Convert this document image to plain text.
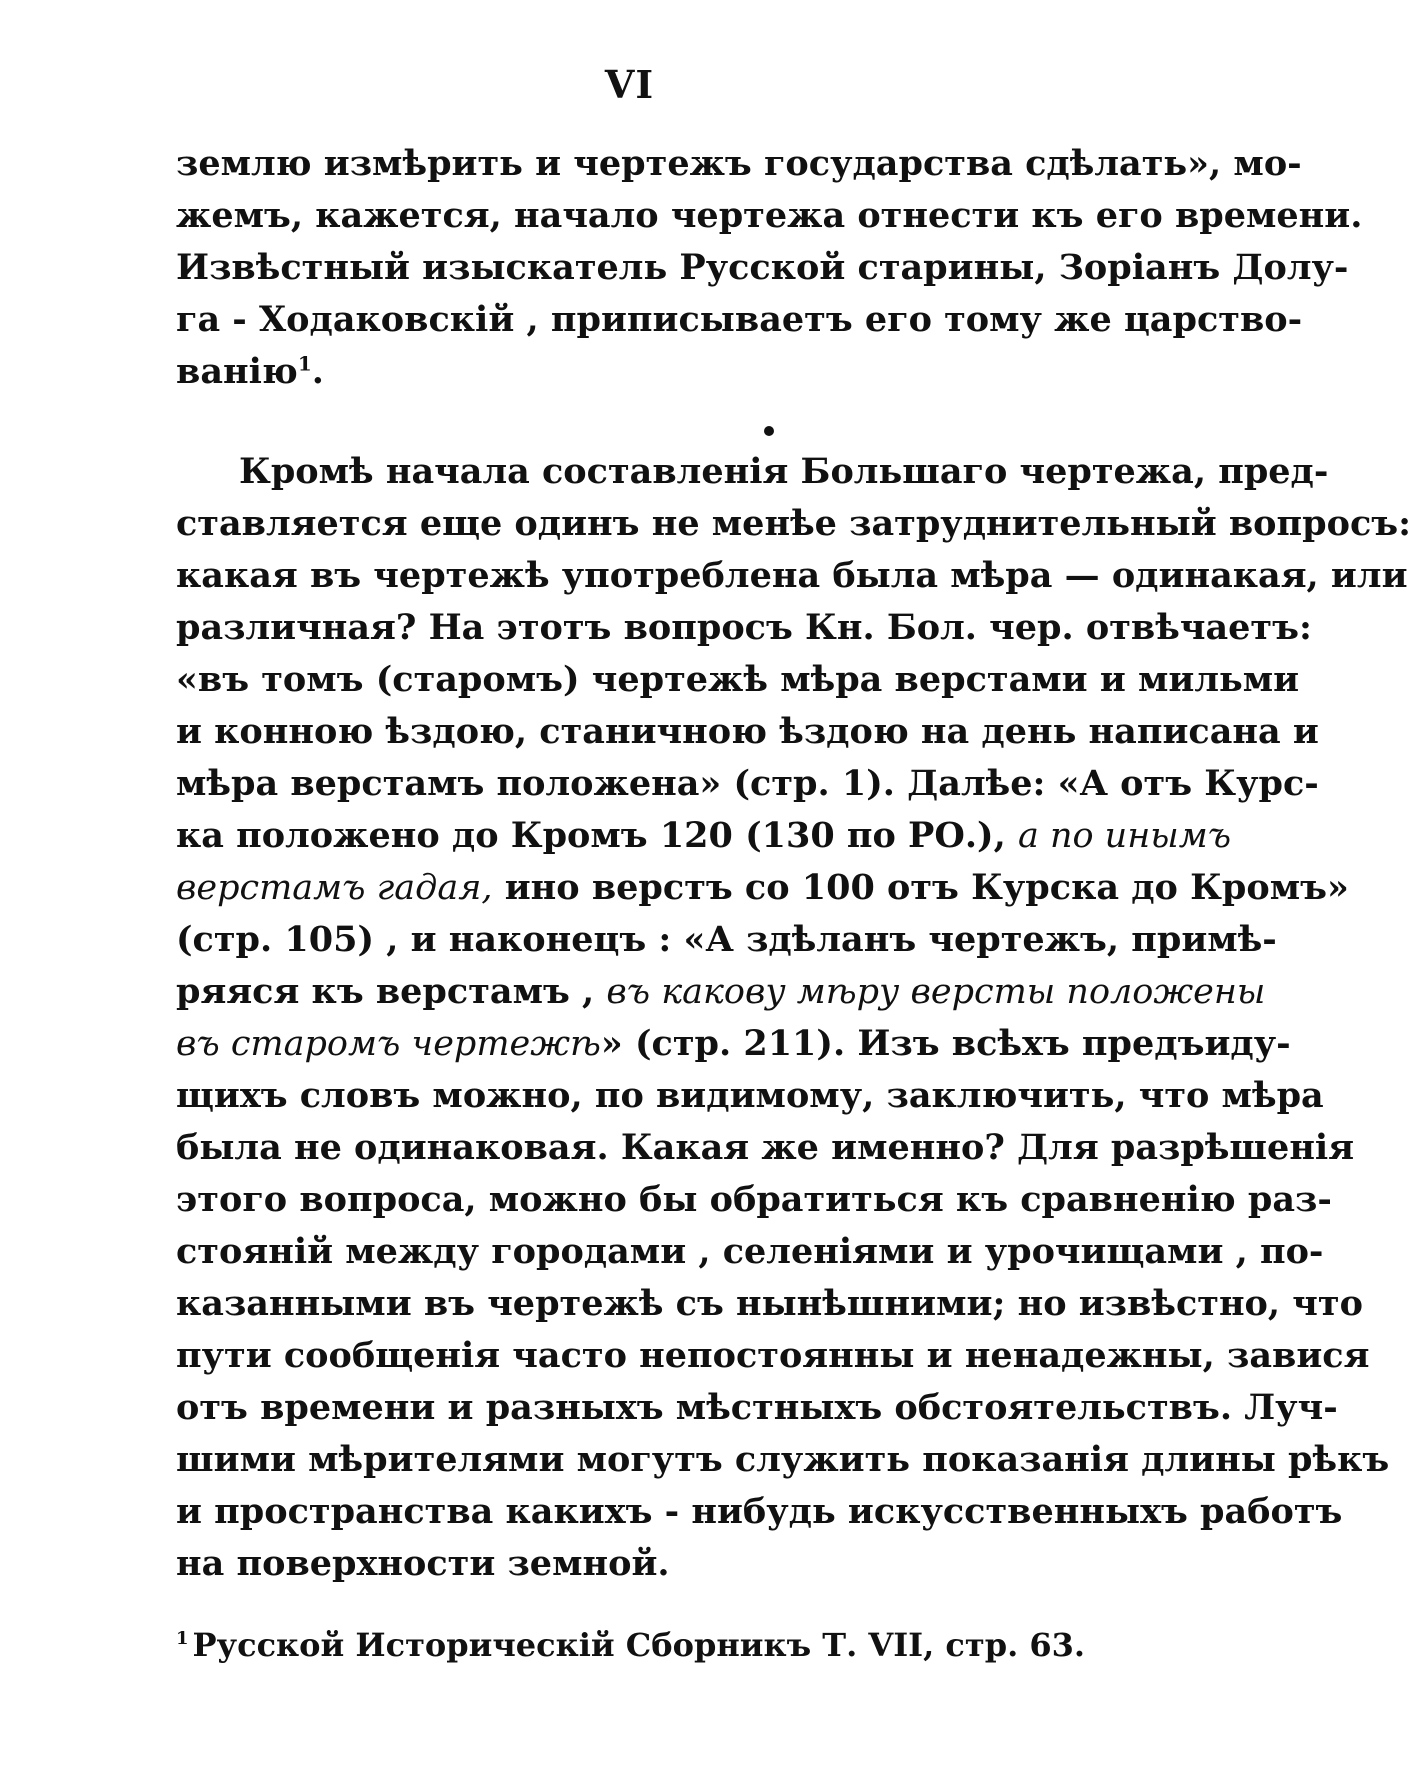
VI
землю измѣрить и чертежъ государства сдѣлать», мо-
жемъ, кажется, начало чертежа отнести къ его времени.
Извѣстный изыскатель Русской старины, Зоріанъ Долу-
га - Ходаковскій , приписываетъ его тому же царство-
ванію$^1$.
Кромѣ начала составленія Большаго чертежа, пред-
ставляется еще одинъ не менѣе затруднительный вопросъ:
какая въ чертежѣ употреблена была мѣра — одинакая, или
различная? На этотъ вопросъ Кн. Бол. чер. отвѣчаетъ:
«въ томъ (старомъ) чертежѣ мѣра верстами и мильми
и конною ѣздою, станичною ѣздою на день написана и
мѣра верстамъ положена» (стр. 1). Далѣе: «А отъ Курс-
ка положено до Кромъ 120 (130 по РО.), а по инымъ
верстамъ гадая, ино верстъ со 100 отъ Курска до Кромъ»
(стр. 105) , и наконецъ : «А здѣланъ чертежъ, примѣ-
ряяся къ верстамъ , въ какову мѣру версты положены
въ старомъ чертежѣ» (стр. 211). Изъ всѣхъ предъиду-
щихъ словъ можно, по видимому, заключить, что мѣра
была не одинаковая. Какая же именно? Для разрѣшенія
этого вопроса, можно бы обратиться къ сравненію раз-
стояній между городами , селеніями и урочищами , по-
казанными въ чертежѣ съ нынѣшними; но извѣстно, что
пути сообщенія часто непостоянны и ненадежны, завися
отъ времени и разныхъ мѣстныхъ обстоятельствъ. Луч-
шими мѣрителями могутъ служить показанія длины рѣкъ
и пространства какихъ - нибудь искусственныхъ работъ
на поверхности земной.
$^1$ Русской Историческій Сборникъ Т. VII, стр. 63.
